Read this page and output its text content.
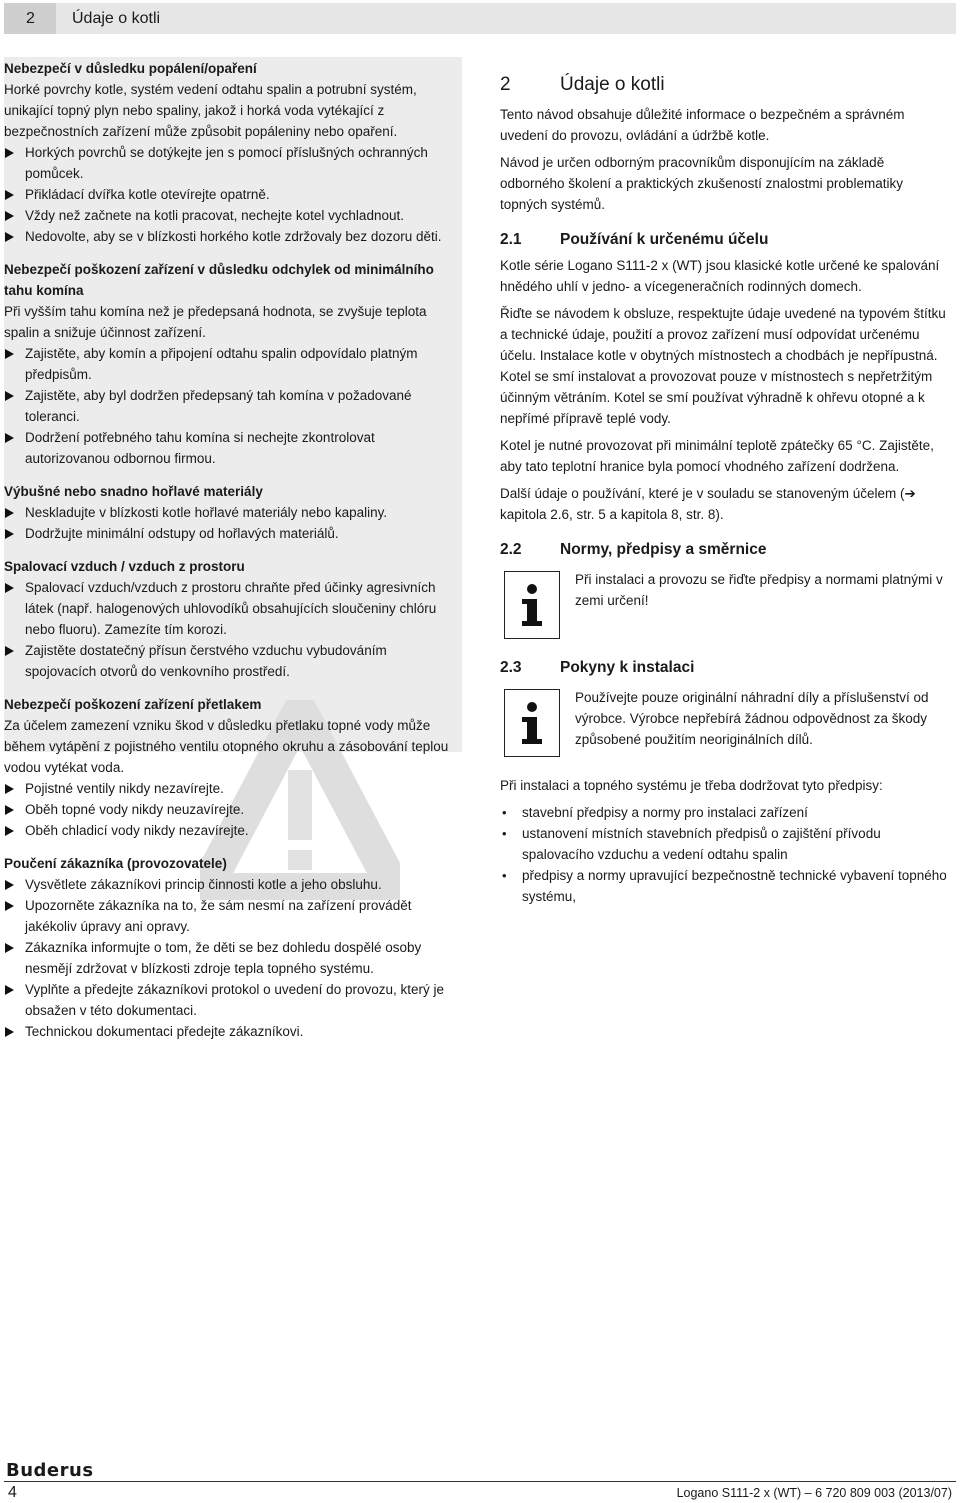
2	Údaje o kotli

Nebezpečí v důsledku popálení/opaření

Horké povrchy kotle, systém vedení odtahu spalin a potrubní systém, unikající topný plyn nebo spaliny, jakož i horká voda vytékající z bezpečnostních zařízení může způsobit popáleniny nebo opaření.

Horkých povrchů se dotýkejte jen s pomocí příslušných ochranných pomůcek.
Přikládací dvířka kotle otevírejte opatrně.
Vždy než začnete na kotli pracovat, nechejte kotel vychladnout.
Nedovolte, aby se v blízkosti horkého kotle zdržovaly bez dozoru děti.

Nebezpečí poškození zařízení v důsledku odchylek od minimálního tahu komína

Při vyšším tahu komína než je předepsaná hodnota, se zvyšuje teplota spalin a snižuje účinnost zařízení.

Zajistěte, aby komín a připojení odtahu spalin odpovídalo platným předpisům.
Zajistěte, aby byl dodržen předepsaný tah komína v požadované toleranci.
Dodržení potřebného tahu komína si nechejte zkontrolovat autorizovanou odbornou firmou.

Výbušné nebo snadno hořlavé materiály

Neskladujte v blízkosti kotle hořlavé materiály nebo kapaliny.
Dodržujte minimální odstupy od hořlavých materiálů.

Spalovací vzduch / vzduch z prostoru

Spalovací vzduch/vzduch z prostoru chraňte před účinky agresivních látek (např. halogenových uhlovodíků obsahujících sloučeniny chlóru nebo fluoru). Zamezíte tím korozi.
Zajistěte dostatečný přísun čerstvého vzduchu vybudováním spojovacích otvorů do venkovního prostředí.

Nebezpečí poškození zařízení přetlakem

Za účelem zamezení vzniku škod v důsledku přetlaku topné vody může během vytápění z pojistného ventilu otopného okruhu a zásobování teplou vodou vytékat voda.

Pojistné ventily nikdy nezavírejte.
Oběh topné vody nikdy neuzavírejte.
Oběh chladicí vody nikdy nezavírejte.

Poučení zákazníka (provozovatele)

Vysvětlete zákazníkovi princip činnosti kotle a jeho obsluhu.
Upozorněte zákazníka na to, že sám nesmí na zařízení provádět jakékoliv úpravy ani opravy.
Zákazníka informujte o tom, že děti se bez dohledu dospělé osoby nesmějí zdržovat v blízkosti zdroje tepla topného systému.
Vyplňte a předejte zákazníkovi protokol o uvedení do provozu, který je obsažen v této dokumentaci.
Technickou dokumentaci předejte zákazníkovi.

2	Údaje o kotli

Tento návod obsahuje důležité informace o bezpečném a správném uvedení do provozu, ovládání a údržbě kotle.

Návod je určen odborným pracovníkům disponujícím na základě odborného školení a praktických zkušeností znalostmi problematiky topných systémů.

2.1 Používání k určenému účelu

Kotle série Logano S111-2 x (WT) jsou klasické kotle určené ke spalování hnědého uhlí v jedno- a vícegeneračních rodinných domech.

Řiďte se návodem k obsluze, respektujte údaje uvedené na typovém štítku a technické údaje, použití a provoz zařízení musí odpovídat určenému účelu. Instalace kotle v obytných místnostech a chodbách je nepřípustná. Kotel se smí instalovat a provozovat pouze v místnostech s nepřetržitým účinným větráním. Kotel se smí používat výhradně k ohřevu otopné a k nepřímé přípravě teplé vody.

Kotel je nutné provozovat při minimální teplotě zpátečky 65 °C. Zajistěte, aby tato teplotní hranice byla pomocí vhodného zařízení dodržena.

Další údaje o používání, které je v souladu se stanoveným účelem (➔ kapitola 2.6, str. 5 a kapitola 8, str. 8).

2.2 Normy, předpisy a směrnice

Při instalaci a provozu se řiďte předpisy a normami platnými v zemi určení!

2.3 Pokyny k instalaci

Používejte pouze originální náhradní díly a příslušenství od výrobce. Výrobce nepřebírá žádnou odpovědnost za škody způsobené použitím neoriginálních dílů.

Při instalaci a topného systému je třeba dodržovat tyto předpisy:

• stavební předpisy a normy pro instalaci zařízení
• ustanovení místních stavebních předpisů o zajištění přívodu spalovacího vzduchu a vedení odtahu spalin
• předpisy a normy upravující bezpečnostně technické vybavení topného systému,
Buderus
4	Logano S111-2 x (WT) – 6 720 809 003 (2013/07)
